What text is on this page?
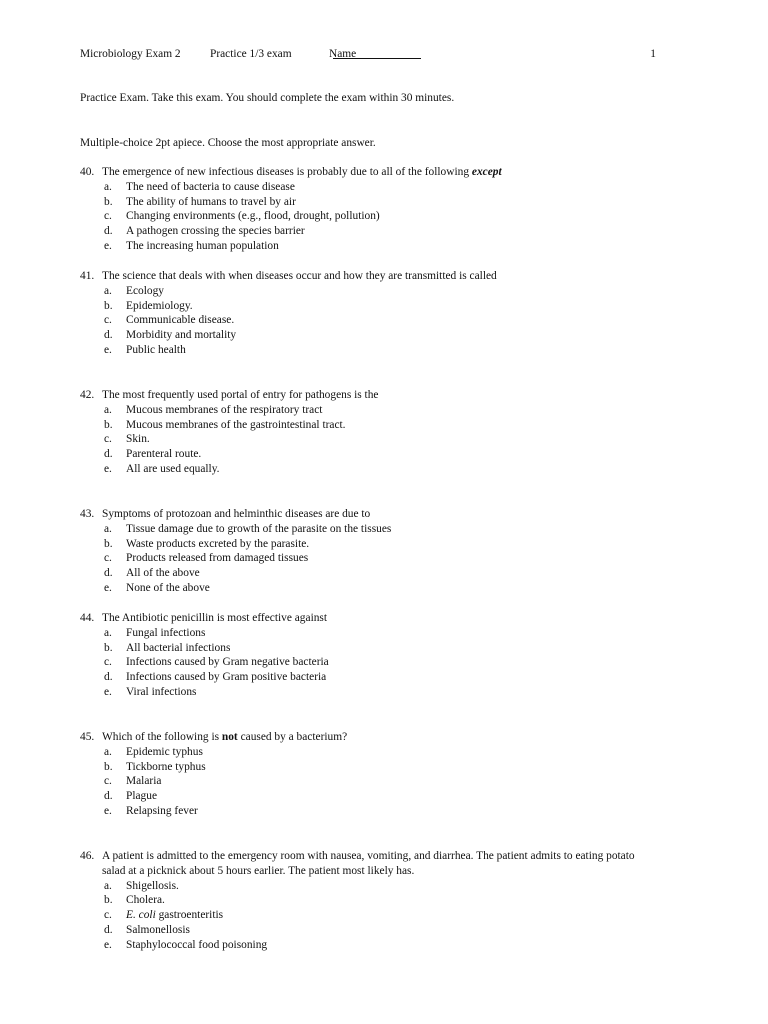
Microbiology Exam 2	Practice 1/3 exam	Name	1
Practice Exam. Take this exam. You should complete the exam within 30 minutes.
Multiple-choice 2pt apiece. Choose the most appropriate answer.
40. The emergence of new infectious diseases is probably due to all of the following except
a. The need of bacteria to cause disease
b. The ability of humans to travel by air
c. Changing environments (e.g., flood, drought, pollution)
d. A pathogen crossing the species barrier
e. The increasing human population
41. The science that deals with when diseases occur and how they are transmitted is called
a. Ecology
b. Epidemiology.
c. Communicable disease.
d. Morbidity and mortality
e. Public health
42. The most frequently used portal of entry for pathogens is the
a. Mucous membranes of the respiratory tract
b. Mucous membranes of the gastrointestinal tract.
c. Skin.
d. Parenteral route.
e. All are used equally.
43. Symptoms of protozoan and helminthic diseases are due to
a. Tissue damage due to growth of the parasite on the tissues
b. Waste products excreted by the parasite.
c. Products released from damaged tissues
d. All of the above
e. None of the above
44. The Antibiotic penicillin is most effective against
a. Fungal infections
b. All bacterial infections
c. Infections caused by Gram negative bacteria
d. Infections caused by Gram positive bacteria
e. Viral infections
45. Which of the following is not caused by a bacterium?
a. Epidemic typhus
b. Tickborne typhus
c. Malaria
d. Plague
e. Relapsing fever
46. A patient is admitted to the emergency room with nausea, vomiting, and diarrhea. The patient admits to eating potato salad at a picknick about 5 hours earlier. The patient most likely has.
a. Shigellosis.
b. Cholera.
c. E. coli gastroenteritis
d. Salmonellosis
e. Staphylococcal food poisoning
